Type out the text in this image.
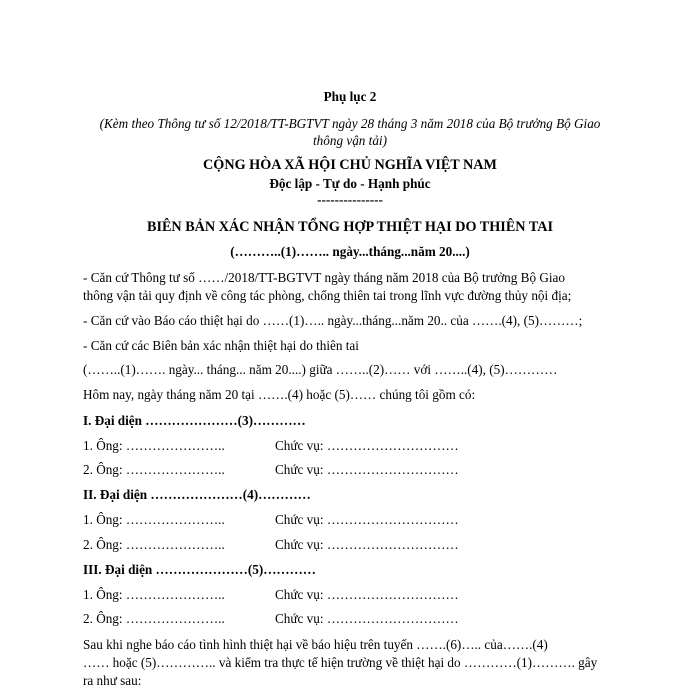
Phụ lục 2
(Kèm theo Thông tư số 12/2018/TT-BGTVT ngày 28 tháng 3 năm 2018 của Bộ trưởng Bộ Giao
thông vận tải)
CỘNG HÒA XÃ HỘI CHỦ NGHĨA VIỆT NAM
Độc lập - Tự do - Hạnh phúc
---------------
BIÊN BẢN XÁC NHẬN TỔNG HỢP THIỆT HẠI DO THIÊN TAI
(………..(1)…….. ngày...tháng...năm 20....)
- Căn cứ Thông tư số ……/2018/TT-BGTVT ngày tháng năm 2018 của Bộ trưởng Bộ Giao
thông vận tải quy định về công tác phòng, chống thiên tai trong lĩnh vực đường thủy nội địa;
- Căn cứ vào Báo cáo thiệt hại do ……(1)….. ngày...tháng...năm 20.. của …….(4), (5)………;
- Căn cứ các Biên bản xác nhận thiệt hại do thiên tai
(……..(1)……. ngày... tháng... năm 20....) giữa ……..(2)…… với ……..(4), (5)…………
Hôm nay, ngày tháng năm 20 tại …….(4) hoặc (5)…… chúng tôi gồm có:
I. Đại diện …………………(3)…………
1. Ông: …………………..	Chức vụ: …………………………
2. Ông: …………………..	Chức vụ: …………………………
II. Đại diện …………………(4)…………
1. Ông: …………………..	Chức vụ: …………………………
2. Ông: …………………..	Chức vụ: …………………………
III. Đại diện …………………(5)…………
1. Ông: …………………..	Chức vụ: …………………………
2. Ông: …………………..	Chức vụ: …………………………
Sau khi nghe báo cáo tình hình thiệt hại về báo hiệu trên tuyến …….(6)….. của…….(4)
…… hoặc (5)………….. và kiểm tra thực tế hiện trường về thiệt hại do …………(1)………. gây
ra như sau:
